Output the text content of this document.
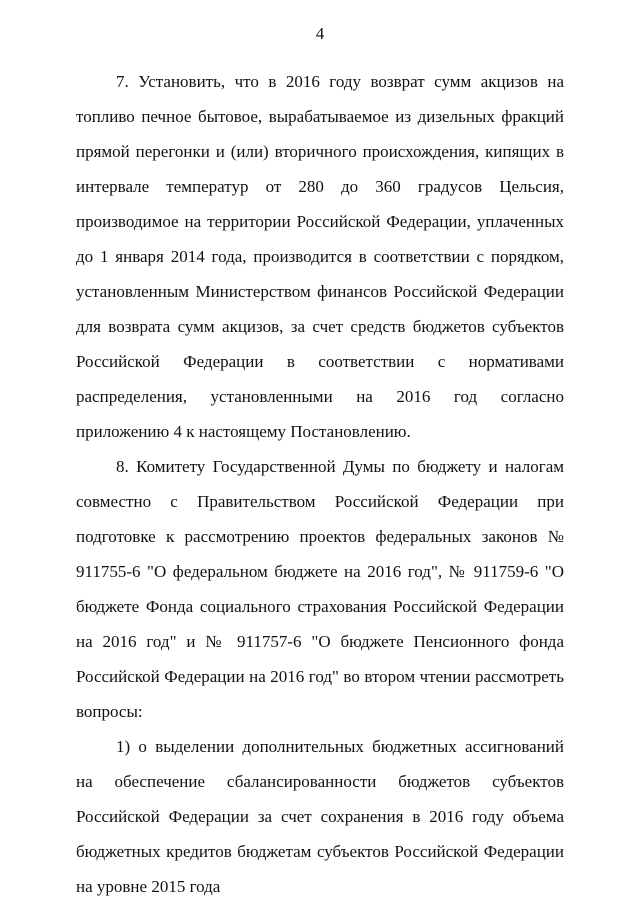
4

7. Установить, что в 2016 году возврат сумм акцизов на топливо печное бытовое, вырабатываемое из дизельных фракций прямой перегонки и (или) вторичного происхождения, кипящих в интервале температур от 280 до 360 градусов Цельсия, производимое на территории Российской Федерации, уплаченных до 1 января 2014 года, производится в соответствии с порядком, установленным Министерством финансов Российской Федерации для возврата сумм акцизов, за счет средств бюджетов субъектов Российской Федерации в соответствии с нормативами распределения, установленными на 2016 год согласно приложению 4 к настоящему Постановлению.

8. Комитету Государственной Думы по бюджету и налогам совместно с Правительством Российской Федерации при подготовке к рассмотрению проектов федеральных законов № 911755-6 "О федеральном бюджете на 2016 год", № 911759-6 "О бюджете Фонда социального страхования Российской Федерации на 2016 год" и № 911757-6 "О бюджете Пенсионного фонда Российской Федерации на 2016 год" во втором чтении рассмотреть вопросы:

1) о выделении дополнительных бюджетных ассигнований на обеспечение сбалансированности бюджетов субъектов Российской Федерации за счет сохранения в 2016 году объема бюджетных кредитов бюджетам субъектов Российской Федерации на уровне 2015 года
